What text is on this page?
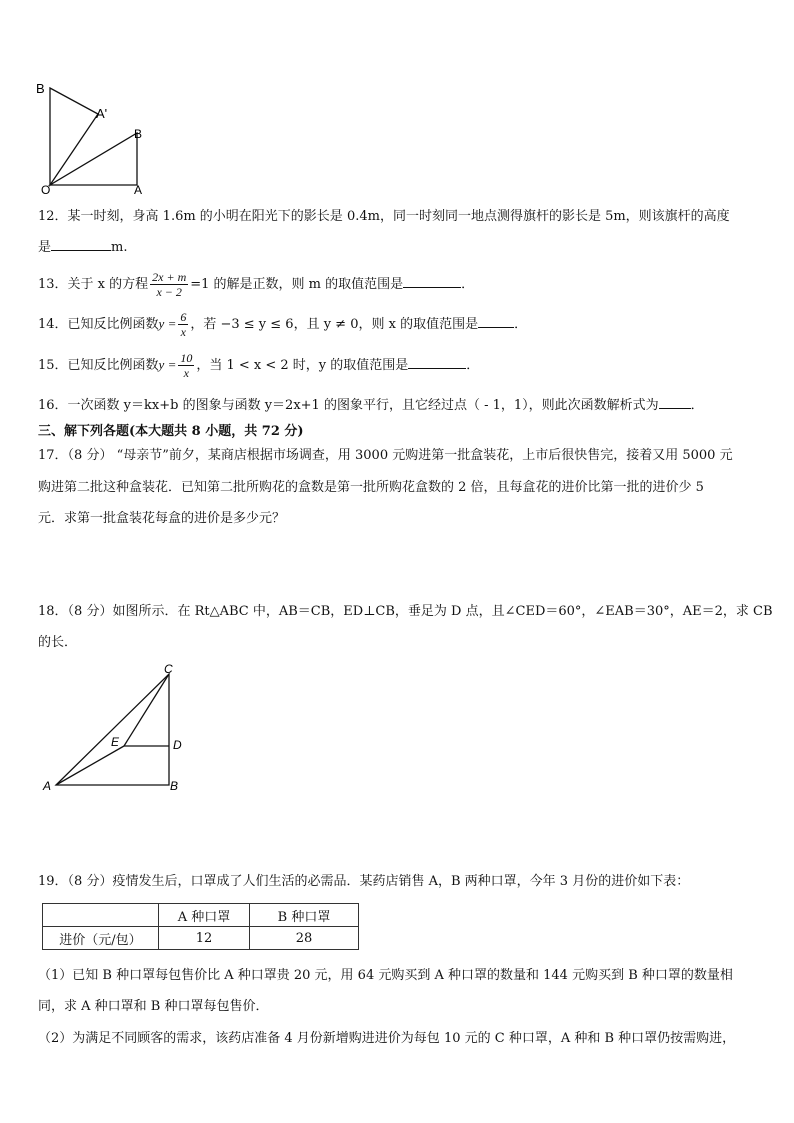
B
A'
B
O	A
12．某一时刻，身高 1.6m 的小明在阳光下的影长是 0.4m，同一时刻同一地点测得旗杆的影长是 5m，则该旗杆的高度
是	m.
13．关于 x 的方程 $\frac{2x + m}{x - 2} =1$ 的解是正数，则 m 的取值范围是	．
14．已知反比例函数$y = \frac{6}{x}$ ，若 −3 ≤ y ≤ 6，且 y ≠ 0，则 x 的取值范围是	．
15．已知反比例函数$y = \frac{10}{x}$ ，当 1 < x < 2 时，y 的取值范围是	．
16．一次函数 y＝kx+b 的图象与函数 y＝2x+1 的图象平行，且它经过点（ - 1，1），则此次函数解析式为 ．
三、解下列各题(本大题共 8 小题，共 72 分)
17．（8 分） “母亲节”前夕，某商店根据市场调查，用 3000 元购进第一批盒装花，上市后很快售完，接着又用 5000 元
购进第二批这种盒装花．已知第二批所购花的盒数是第一批所购花盒数的 2 倍，且每盒花的进价比第一批的进价少 5
元．求第一批盒装花每盒的进价是多少元？
18．（8 分）如图所示．在 Rt△ABC 中，AB＝CB，ED⊥CB，垂足为 D 点，且∠CED＝60°，∠EAB＝30°，AE＝2，求 CB
的长．
C
E	D
A	B
19．（8 分）疫情发生后，口罩成了人们生活的必需品．某药店销售 A，B 两种口罩，今年 3 月份的进价如下表：
	A 种口罩	B 种口罩
进价（元/包）	12	28
（1）已知 B 种口罩每包售价比 A 种口罩贵 20 元，用 64 元购买到 A 种口罩的数量和 144 元购买到 B 种口罩的数量相
同，求 A 种口罩和 B 种口罩每包售价．
（2）为满足不同顾客的需求，该药店准备 4 月份新增购进进价为每包 10 元的 C 种口罩，A 种和 B 种口罩仍按需购进，
